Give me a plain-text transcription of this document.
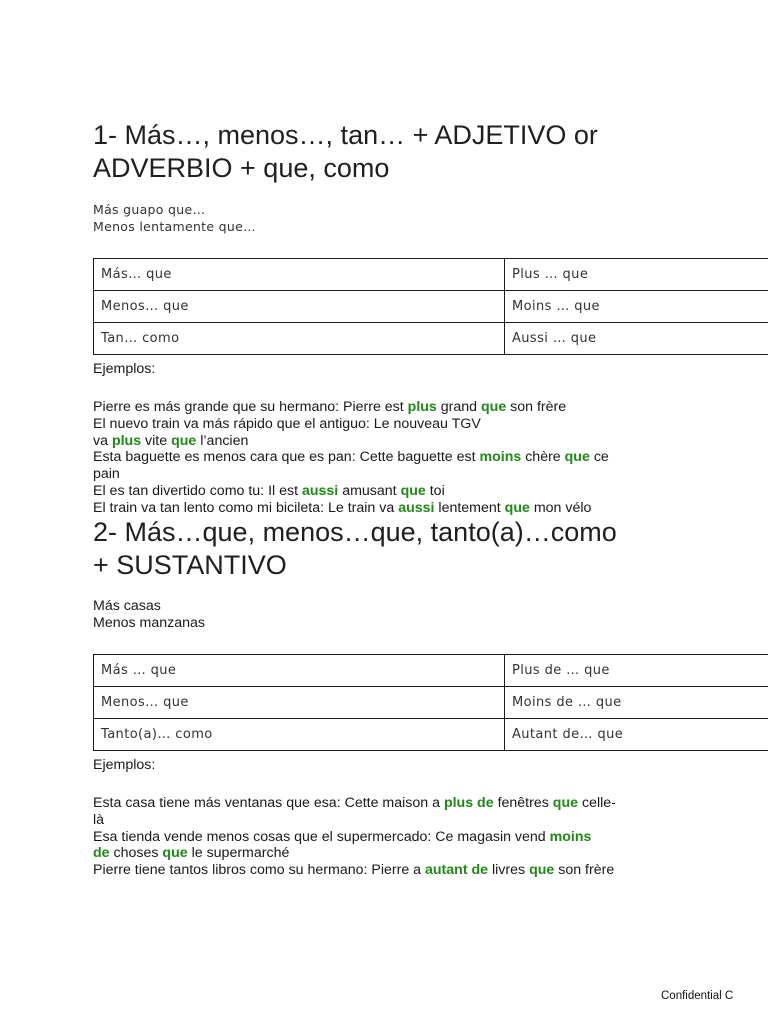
1- Más…, menos…, tan… + ADJETIVO or
ADVERBIO + que, como
Más guapo que…
Menos lentamente que…
Más… que	Plus … que
Menos… que	Moins … que
Tan… como	Aussi … que
Ejemplos:
Pierre es más grande que su hermano: Pierre est plus grand que son frère
El nuevo train va más rápido que el antiguo: Le nouveau TGV
va plus vite que l’ancien
Esta baguette es menos cara que es pan: Cette baguette est moins chère que ce
pain
El es tan divertido como tu: Il est aussi amusant que toi
El train va tan lento como mi bicileta: Le train va aussi lentement que mon vélo
2- Más…que, menos…que, tanto(a)…como
+ SUSTANTIVO
Más casas
Menos manzanas
Más … que	Plus de … que
Menos… que	Moins de … que
Tanto(a)… como	Autant de… que
Ejemplos:
Esta casa tiene más ventanas que esa: Cette maison a plus de fenêtres que celle-
là
Esa tienda vende menos cosas que el supermercado: Ce magasin vend moins
de choses que le supermarché
Pierre tiene tantos libros como su hermano: Pierre a autant de livres que son frère
Confidential C
